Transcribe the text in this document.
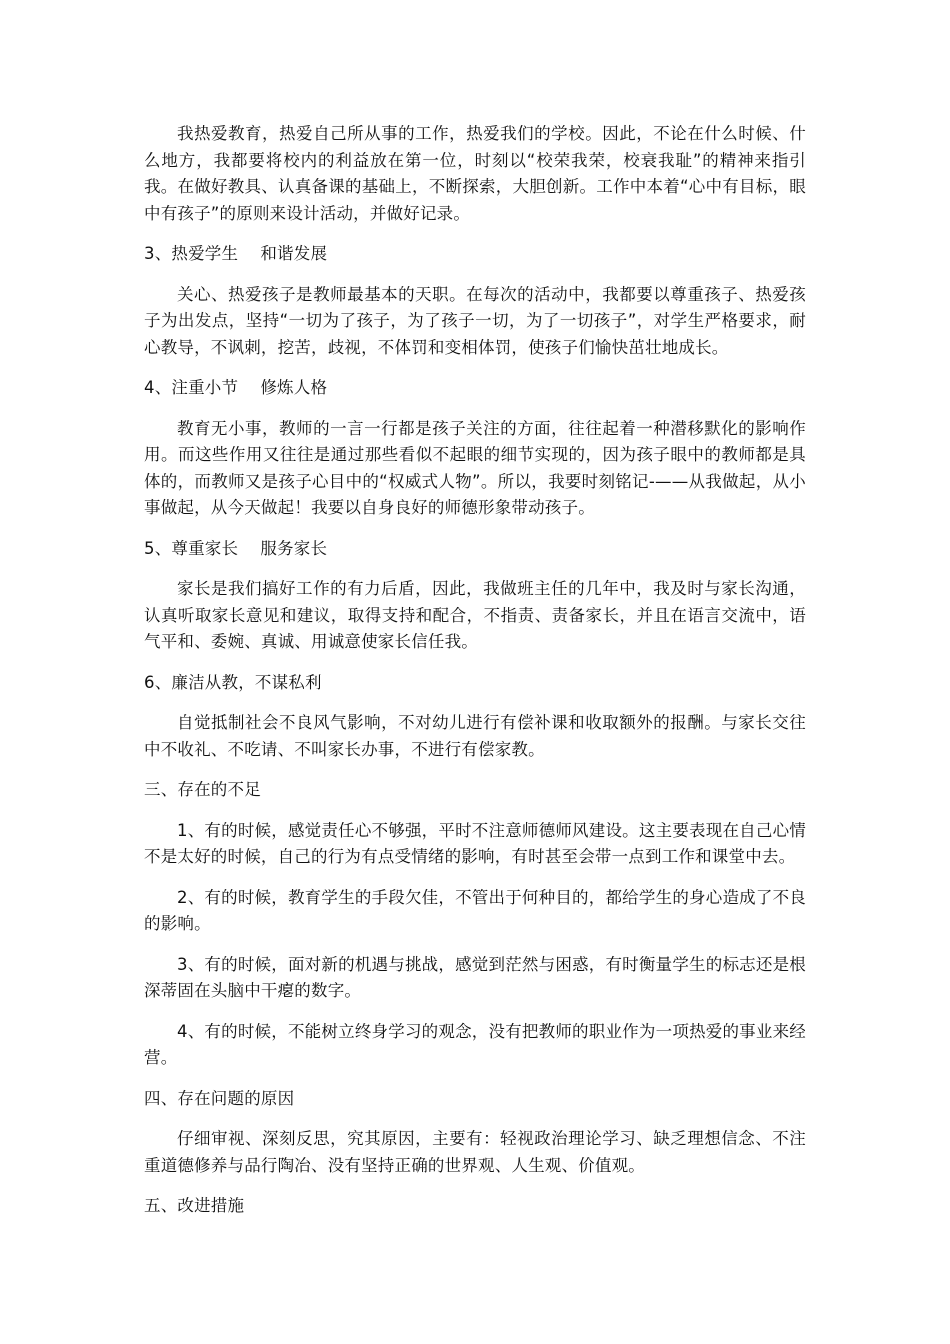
我热爱教育，热爱自己所从事的工作，热爱我们的学校。因此，不论在什么时候、什么地方，我都要将校内的利益放在第一位，时刻以“校荣我荣，校衰我耻”的精神来指引我。在做好教具、认真备课的基础上，不断探索，大胆创新。工作中本着“心中有目标，眼中有孩子”的原则来设计活动，并做好记录。

3、热爱学生　 和谐发展

关心、热爱孩子是教师最基本的天职。在每次的活动中，我都要以尊重孩子、热爱孩子为出发点，坚持“一切为了孩子，为了孩子一切，为了一切孩子”，对学生严格要求，耐心教导，不讽刺，挖苦，歧视，不体罚和变相体罚，使孩子们愉快茁壮地成长。

4、注重小节　 修炼人格

教育无小事，教师的一言一行都是孩子关注的方面，往往起着一种潜移默化的影响作用。而这些作用又往往是通过那些看似不起眼的细节实现的，因为孩子眼中的教师都是具体的，而教师又是孩子心目中的“权威式人物”。所以，我要时刻铭记-——从我做起，从小事做起，从今天做起！我要以自身良好的师德形象带动孩子。

5、尊重家长　 服务家长

家长是我们搞好工作的有力后盾，因此，我做班主任的几年中，我及时与家长沟通，认真听取家长意见和建议，取得支持和配合，不指责、责备家长，并且在语言交流中，语气平和、委婉、真诚、用诚意使家长信任我。

6、廉洁从教，不谋私利

自觉抵制社会不良风气影响，不对幼儿进行有偿补课和收取额外的报酬。与家长交往中不收礼、不吃请、不叫家长办事，不进行有偿家教。

三、存在的不足

1、有的时候，感觉责任心不够强，平时不注意师德师风建设。这主要表现在自己心情不是太好的时候，自己的行为有点受情绪的影响，有时甚至会带一点到工作和课堂中去。

2、有的时候，教育学生的手段欠佳，不管出于何种目的，都给学生的身心造成了不良的影响。

3、有的时候，面对新的机遇与挑战，感觉到茫然与困惑，有时衡量学生的标志还是根深蒂固在头脑中干瘪的数字。

4、有的时候，不能树立终身学习的观念，没有把教师的职业作为一项热爱的事业来经营。

四、存在问题的原因

仔细审视、深刻反思，究其原因，主要有：轻视政治理论学习、缺乏理想信念、不注重道德修养与品行陶冶、没有坚持正确的世界观、人生观、价值观。

五、改进措施
